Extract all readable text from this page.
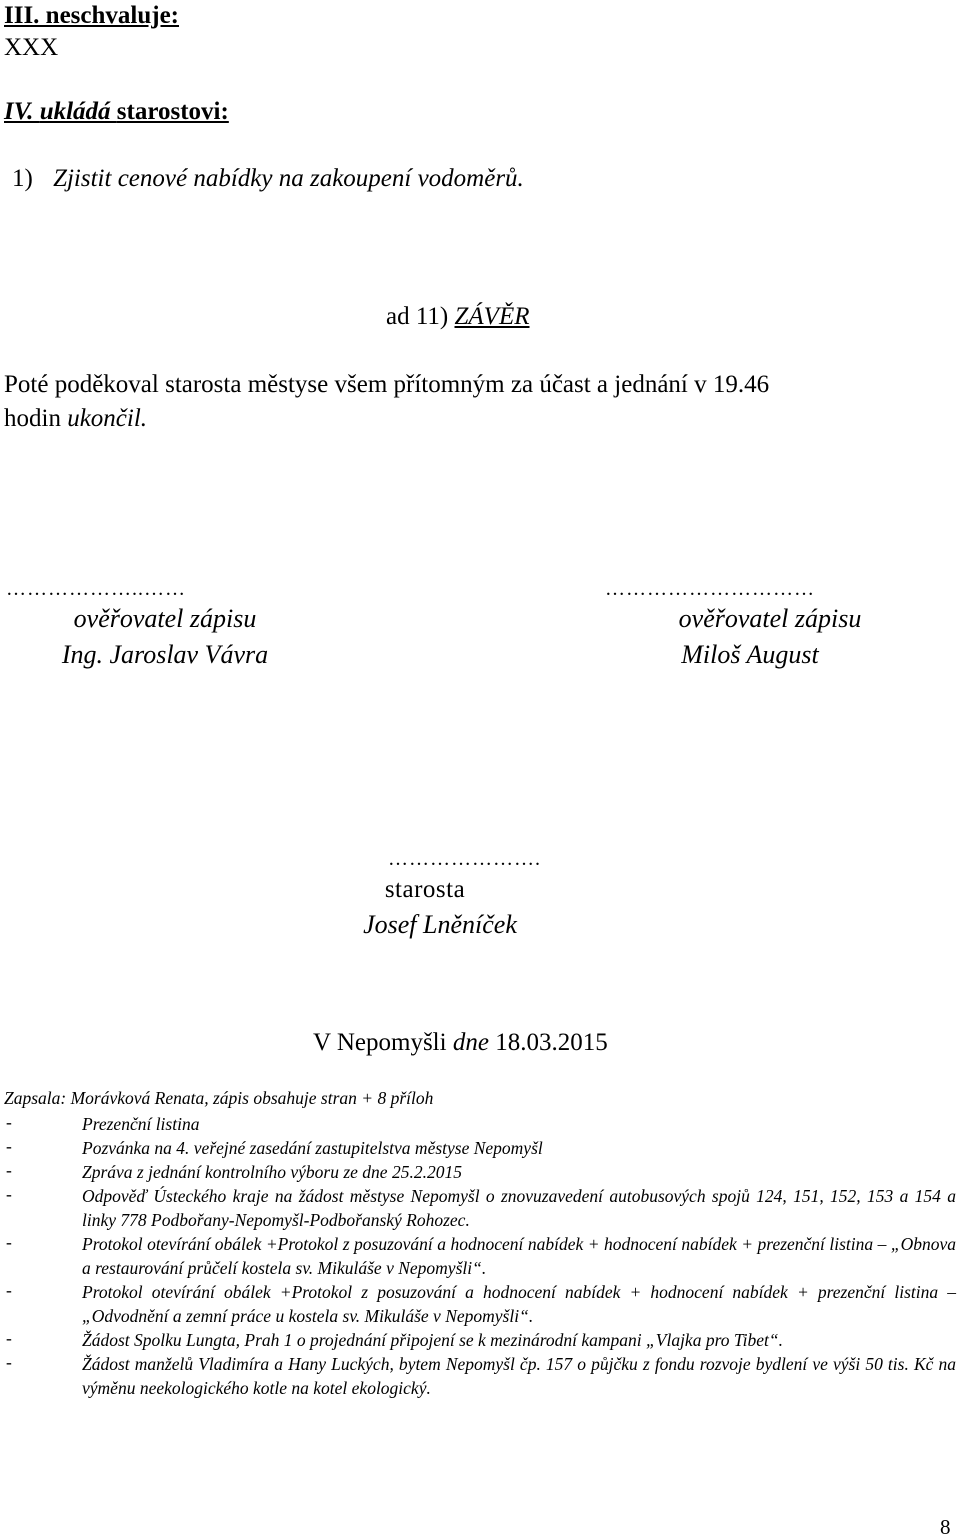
III. neschvaluje:
XXX
IV. ukládá starostovi:
1) Zjistit cenové nabídky na zakoupení vodoměrů.
ad 11) ZÁVĚR
Poté poděkoval starosta městyse všem přítomným za účast a jednání v 19.46
hodin ukončil.
………………..……
ověřovatel zápisu
Ing. Jaroslav Vávra
…………………………
ověřovatel zápisu
Miloš August
………………….
starosta
Josef Lněníček
V Nepomyšli dne 18.03.2015
Zapsala: Morávková Renata, zápis obsahuje stran + 8 příloh
-	Prezenční listina
-	Pozvánka na 4. veřejné zasedání zastupitelstva městyse Nepomyšl
-	Zpráva z jednání kontrolního výboru ze dne 25.2.2015
-	Odpověď Ústeckého kraje na žádost městyse Nepomyšl o znovuzavedení autobusových spojů 124, 151, 152, 153 a 154 a linky 778 Podbořany-Nepomyšl-Podbořanský Rohozec.
-	Protokol otevírání obálek +Protokol z posuzování a hodnocení nabídek + hodnocení nabídek + prezenční listina – „Obnova a restaurování průčelí kostela sv. Mikuláše v Nepomyšli“.
-	Protokol otevírání obálek +Protokol z posuzování a hodnocení nabídek + hodnocení nabídek + prezenční listina – „Odvodnění a zemní práce u kostela sv. Mikuláše v Nepomyšli“.
-	Žádost Spolku Lungta, Prah 1 o projednání připojení se k mezinárodní kampani „Vlajka pro Tibet“.
-	Žádost manželů Vladimíra a Hany Luckých, bytem Nepomyšl čp. 157 o půjčku z fondu rozvoje bydlení ve výši 50 tis. Kč na výměnu neekologického kotle na kotel ekologický.
8
